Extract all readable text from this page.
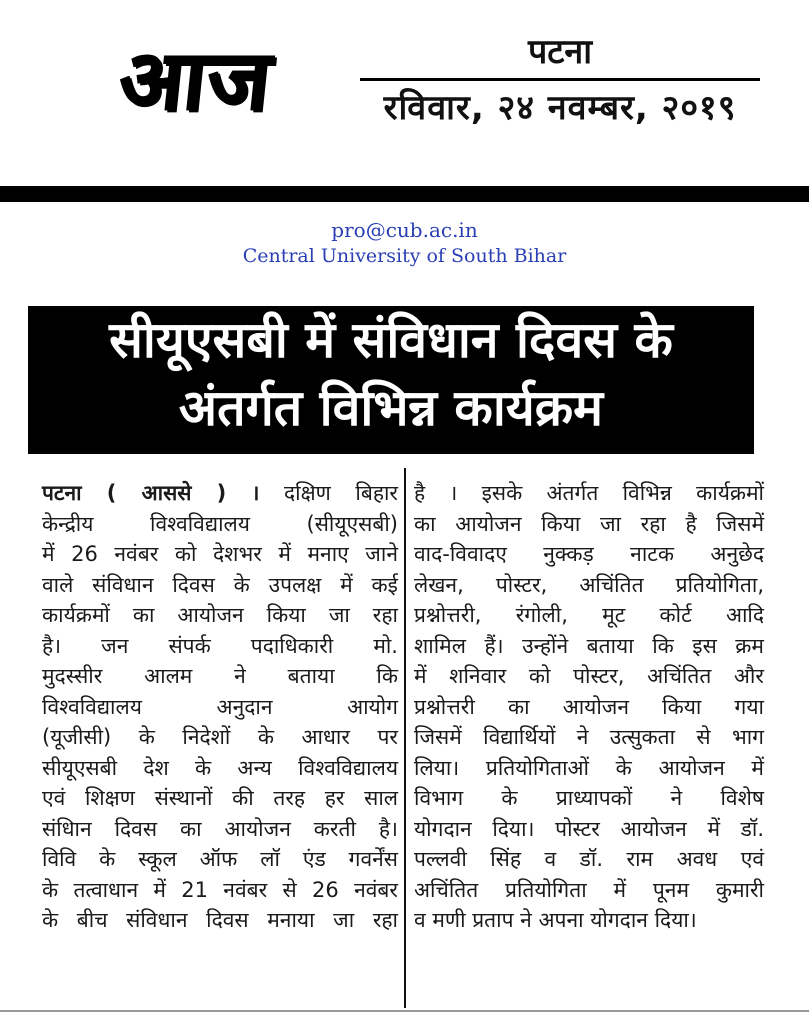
आज	पटना
रविवार, २४ नवम्बर, २०१९
pro@cub.ac.in
Central University of South Bihar
सीयूएसबी में संविधान दिवस के
अंतर्गत विभिन्न कार्यक्रम
पटना ( आससे ) । दक्षिण बिहार
केन्द्रीय विश्वविद्यालय (सीयूएसबी)
में 26 नवंबर को देशभर में मनाए जाने
वाले संविधान दिवस के उपलक्ष में कई
कार्यक्रमों का आयोजन किया जा रहा
है। जन संपर्क पदाधिकारी मो.
मुदस्सीर आलम ने बताया कि
विश्वविद्यालय अनुदान आयोग
(यूजीसी) के निदेशों के आधार पर
सीयूएसबी देश के अन्य विश्वविद्यालय
एवं शिक्षण संस्थानों की तरह हर साल
संधिान दिवस का आयोजन करती है।
विवि के स्कूल ऑफ लॉ एंड गवर्नेंस
के तत्वाधान में 21 नवंबर से 26 नवंबर
के बीच संविधान दिवस मनाया जा रहा
है । इसके अंतर्गत विभिन्न कार्यक्रमों
का आयोजन किया जा रहा है जिसमें
वाद-विवादए नुक्कड़ नाटक अनुछेद
लेखन, पोस्टर, अचिंतित प्रतियोगिता,
प्रश्नोत्तरी, रंगोली, मूट कोर्ट आदि
शामिल हैं। उन्होंने बताया कि इस क्रम
में शनिवार को पोस्टर, अचिंतित और
प्रश्नोत्तरी का आयोजन किया गया
जिसमें विद्यार्थियों ने उत्सुकता से भाग
लिया। प्रतियोगिताओं के आयोजन में
विभाग के प्राध्यापकों ने विशेष
योगदान दिया। पोस्टर आयोजन में डॉ.
पल्लवी सिंह व डॉ. राम अवध एवं
अचिंतित प्रतियोगिता में पूनम कुमारी
व मणी प्रताप ने अपना योगदान दिया।
